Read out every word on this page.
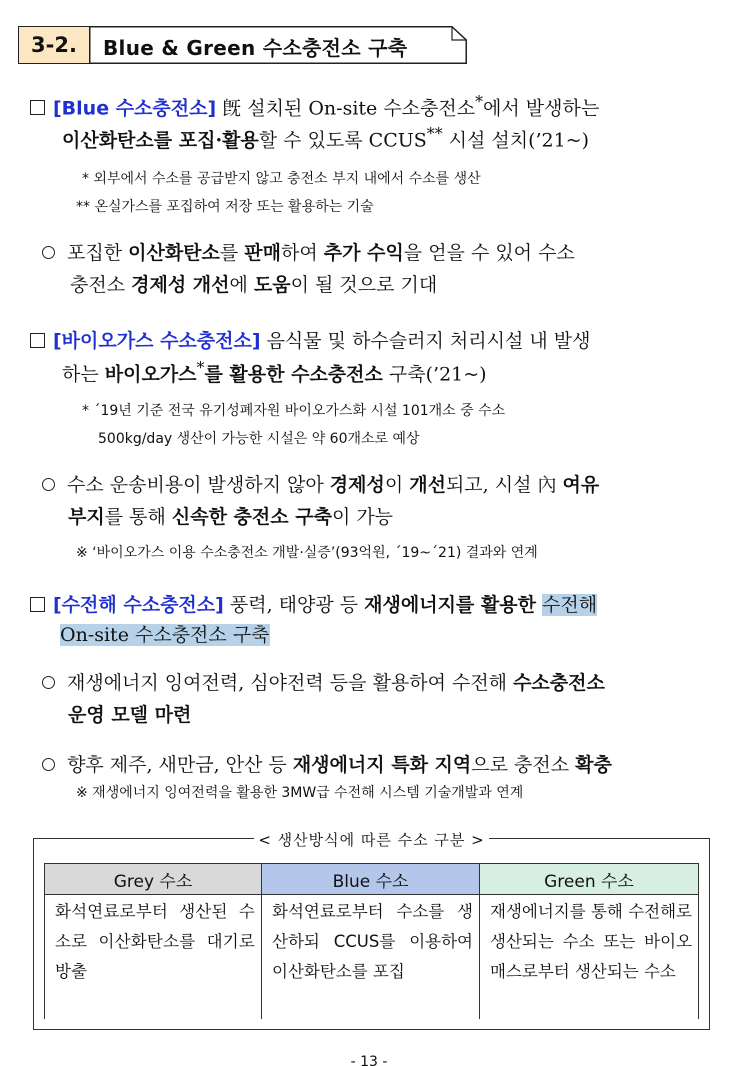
3-2.	Blue & Green 수소충전소 구축
[Blue 수소충전소] 旣 설치된 On-site 수소충전소*에서 발생하는
이산화탄소를 포집·활용할 수 있도록 CCUS** 시설 설치(’21~)
* 외부에서 수소를 공급받지 않고 충전소 부지 내에서 수소를 생산
** 온실가스를 포집하여 저장 또는 활용하는 기술
포집한 이산화탄소를 판매하여 추가 수익을 얻을 수 있어 수소
충전소 경제성 개선에 도움이 될 것으로 기대
[바이오가스 수소충전소] 음식물 및 하수슬러지 처리시설 내 발생
하는 바이오가스*를 활용한 수소충전소 구축(’21~)
* ´19년 기준 전국 유기성폐자원 바이오가스화 시설 101개소 중 수소
500kg/day 생산이 가능한 시설은 약 60개소로 예상
수소 운송비용이 발생하지 않아 경제성이 개선되고, 시설 內 여유
부지를 통해 신속한 충전소 구축이 가능
※ ‘바이오가스 이용 수소충전소 개발·실증’(93억원, ´19~´21) 결과와 연계
[수전해 수소충전소] 풍력, 태양광 등 재생에너지를 활용한 수전해
On-site 수소충전소 구축
재생에너지 잉여전력, 심야전력 등을 활용하여 수전해 수소충전소
운영 모델 마련
향후 제주, 새만금, 안산 등 재생에너지 특화 지역으로 충전소 확충
※ 재생에너지 잉여전력을 활용한 3MW급 수전해 시스템 기술개발과 연계
< 생산방식에 따른 수소 구분 >
Grey 수소	Blue 수소	Green 수소
화석연료로부터 생산된 수소로 이산화탄소를 대기로 방출	화석연료로부터 수소를 생산하되 CCUS를 이용하여 이산화탄소를 포집	재생에너지를 통해 수전해로 생산되는 수소 또는 바이오매스로부터 생산되는 수소
- 13 -
